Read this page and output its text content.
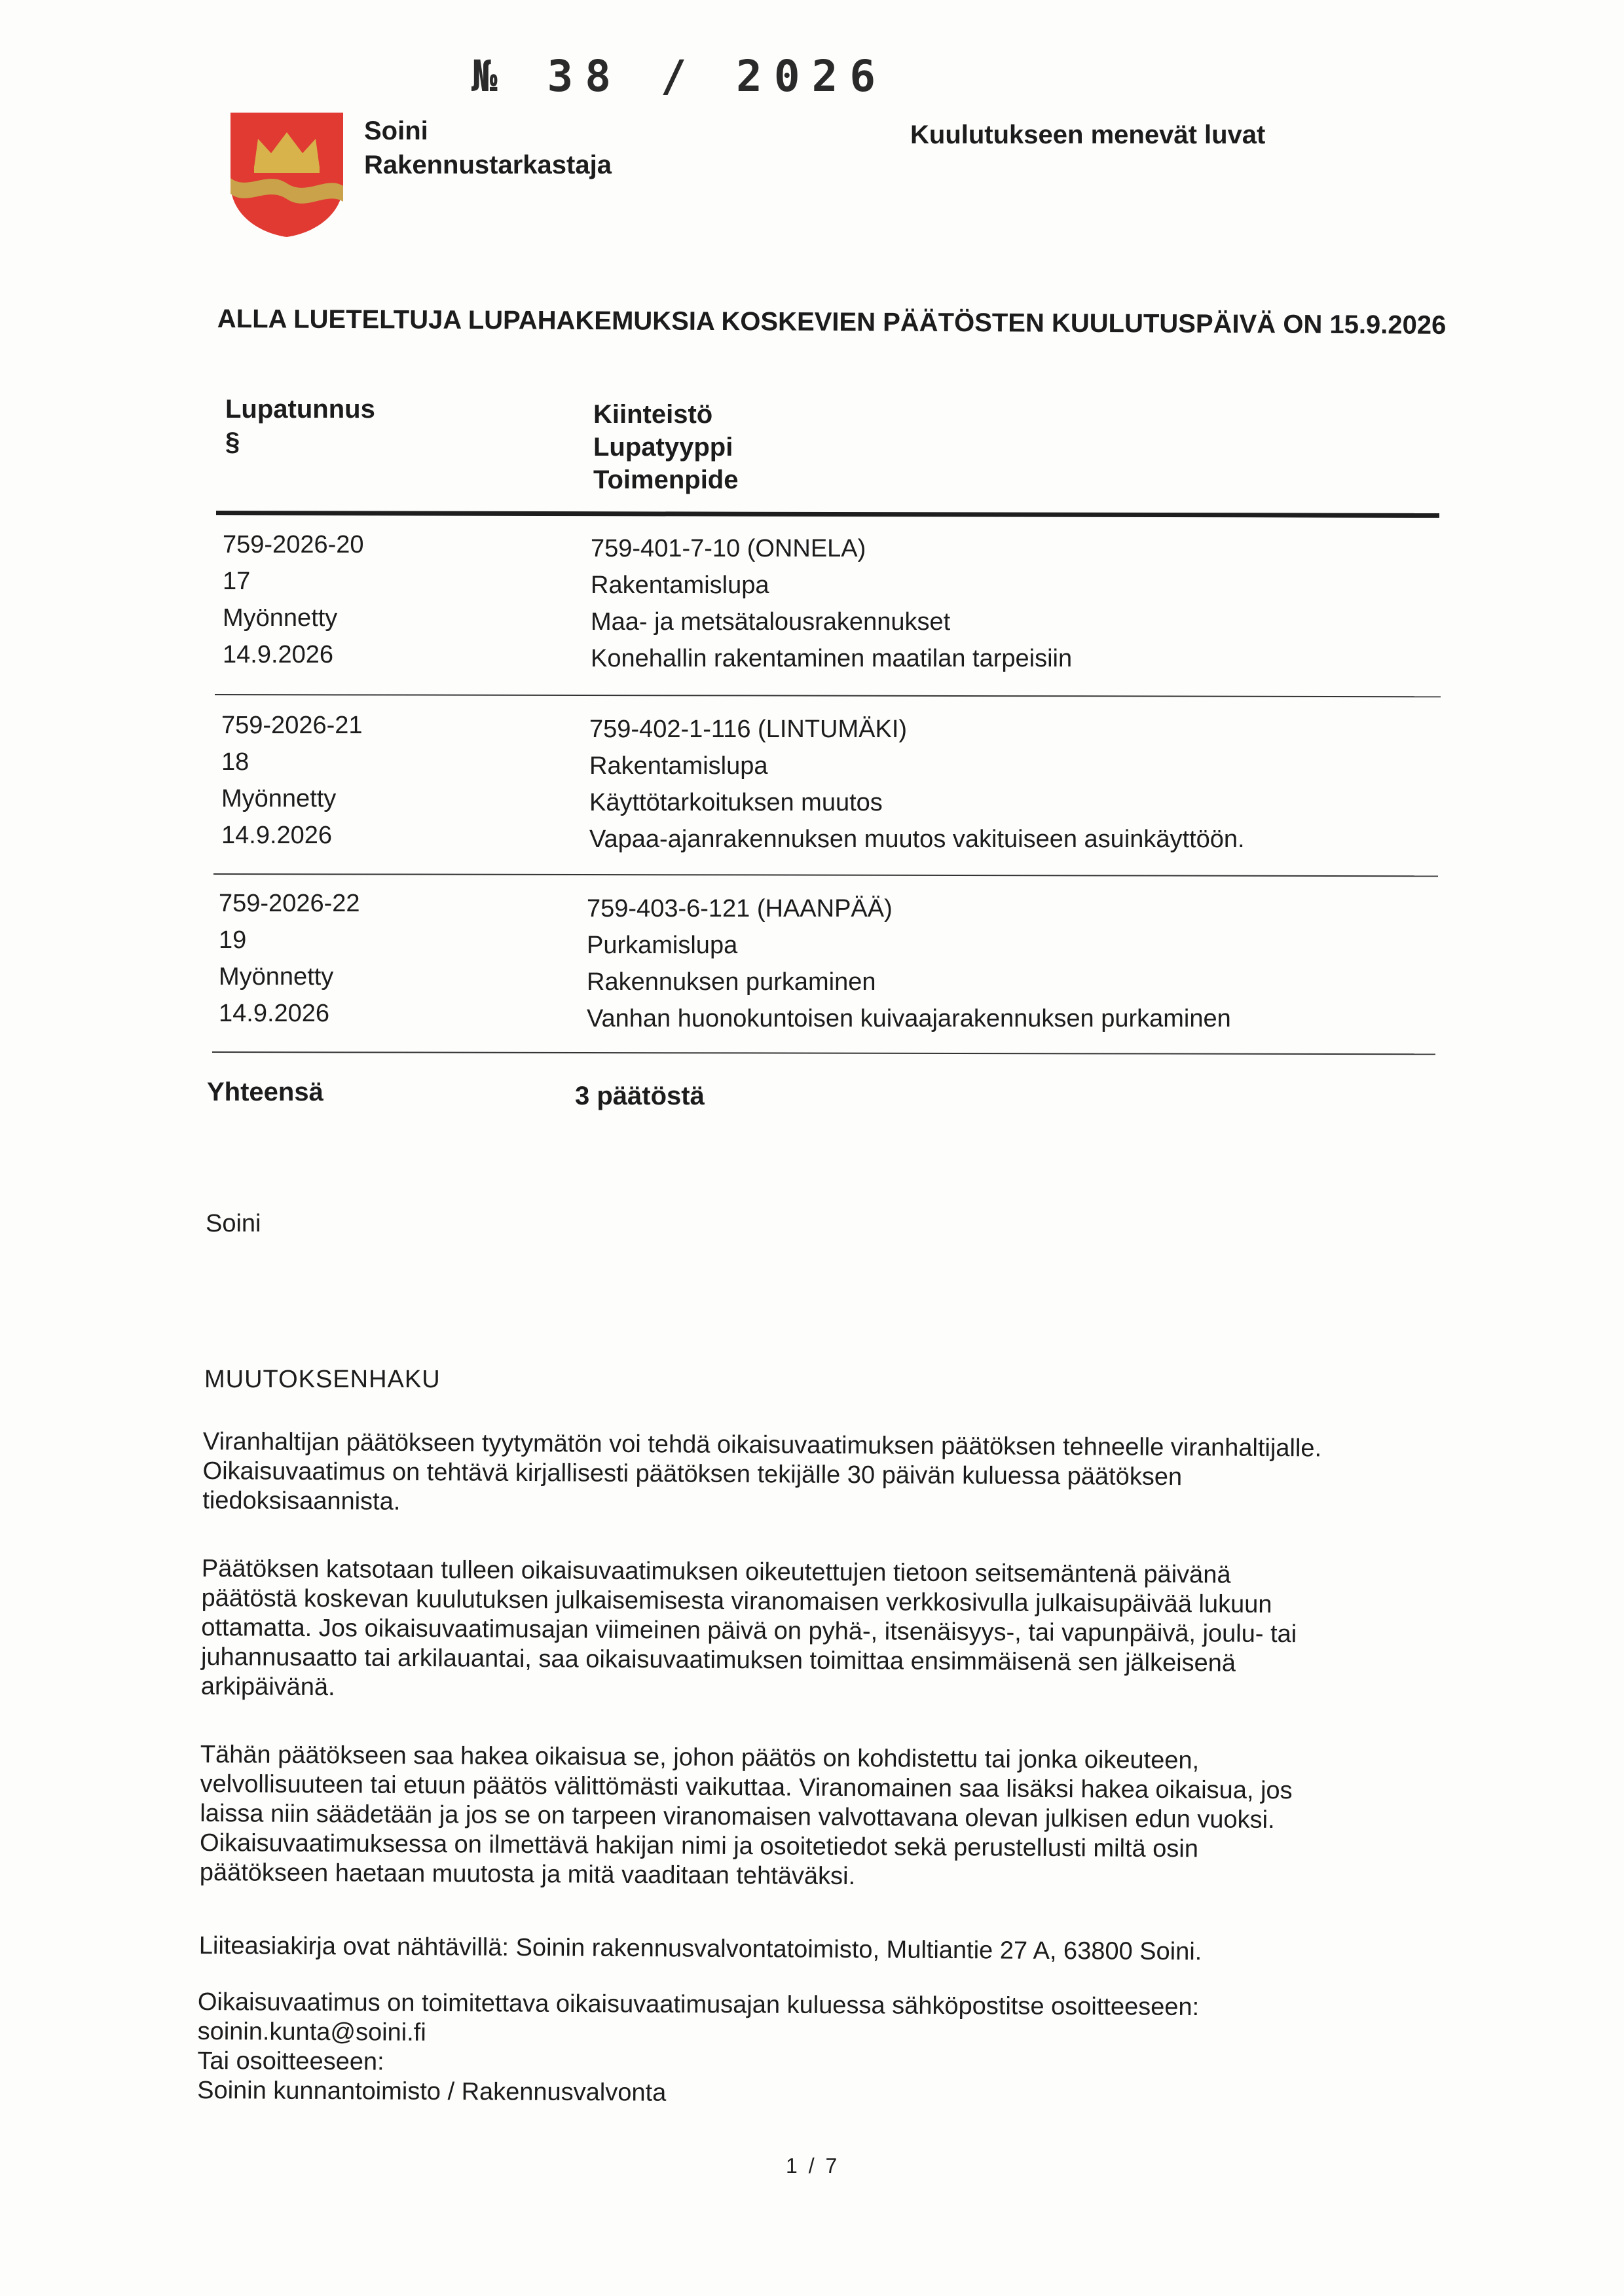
№ 38 / 2026
Soini
Rakennustarkastaja
Kuulutukseen menevät luvat
ALLA LUETELTUJA LUPAHAKEMUKSIA KOSKEVIEN PÄÄTÖSTEN KUULUTUSPÄIVÄ ON 15.9.2026
Lupatunnus
§
Kiinteistö
Lupatyyppi
Toimenpide
759-2026-20
17
Myönnetty
14.9.2026
759-401-7-10 (ONNELA)
Rakentamislupa
Maa- ja metsätalousrakennukset
Konehallin rakentaminen maatilan tarpeisiin
759-2026-21
18
Myönnetty
14.9.2026
759-402-1-116 (LINTUMÄKI)
Rakentamislupa
Käyttötarkoituksen muutos
Vapaa-ajanrakennuksen muutos vakituiseen asuinkäyttöön.
759-2026-22
19
Myönnetty
14.9.2026
759-403-6-121 (HAANPÄÄ)
Purkamislupa
Rakennuksen purkaminen
Vanhan huonokuntoisen kuivaajarakennuksen purkaminen
Yhteensä	3 päätöstä
Soini
MUUTOKSENHAKU
Viranhaltijan päätökseen tyytymätön voi tehdä oikaisuvaatimuksen päätöksen tehneelle viranhaltijalle.
Oikaisuvaatimus on tehtävä kirjallisesti päätöksen tekijälle 30 päivän kuluessa päätöksen
tiedoksisaannista.
Päätöksen katsotaan tulleen oikaisuvaatimuksen oikeutettujen tietoon seitsemäntenä päivänä
päätöstä koskevan kuulutuksen julkaisemisesta viranomaisen verkkosivulla julkaisupäivää lukuun
ottamatta. Jos oikaisuvaatimusajan viimeinen päivä on pyhä-, itsenäisyys-, tai vapunpäivä, joulu- tai
juhannusaatto tai arkilauantai, saa oikaisuvaatimuksen toimittaa ensimmäisenä sen jälkeisenä
arkipäivänä.
Tähän päätökseen saa hakea oikaisua se, johon päätös on kohdistettu tai jonka oikeuteen,
velvollisuuteen tai etuun päätös välittömästi vaikuttaa. Viranomainen saa lisäksi hakea oikaisua, jos
laissa niin säädetään ja jos se on tarpeen viranomaisen valvottavana olevan julkisen edun vuoksi.
Oikaisuvaatimuksessa on ilmettävä hakijan nimi ja osoitetiedot sekä perustellusti miltä osin
päätökseen haetaan muutosta ja mitä vaaditaan tehtäväksi.
Liiteasiakirja ovat nähtävillä: Soinin rakennusvalvontatoimisto, Multiantie 27 A, 63800 Soini.
Oikaisuvaatimus on toimitettava oikaisuvaatimusajan kuluessa sähköpostitse osoitteeseen:
soinin.kunta@soini.fi
Tai osoitteeseen:
Soinin kunnantoimisto / Rakennusvalvonta
1 / 7
